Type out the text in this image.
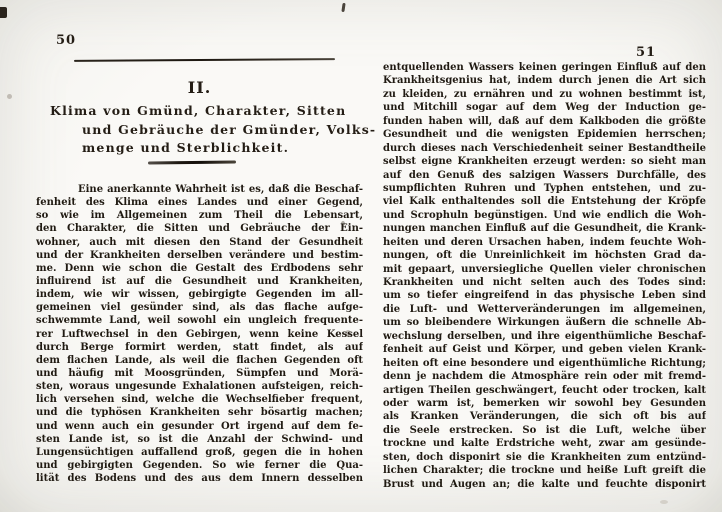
50
II.
Klima von Gmünd, Charakter, Sitten
und Gebräuche der Gmünder, Volks-
menge und Sterblichkeit.
Eine anerkannte Wahrheit ist es, daß die Beschaf-
fenheit des Klima eines Landes und einer Gegend,
so wie im Allgemeinen zum Theil die Lebensart,
den Charakter, die Sitten und Gebräuche der Ein-
wohner, auch mit diesen den Stand der Gesundheit
und der Krankheiten derselben verändere und bestim-
me. Denn wie schon die Gestalt des Erdbodens sehr
influirend ist auf die Gesundheit und Krankheiten,
indem, wie wir wissen, gebirgigte Gegenden im all-
gemeinen viel gesünder sind, als das flache aufge-
schwemmte Land, weil sowohl ein ungleich frequente-
rer Luftwechsel in den Gebirgen, wenn keine Kessel
durch Berge formirt werden, statt findet, als auf
dem flachen Lande, als weil die flachen Gegenden oft
und häufig mit Moosgründen, Sümpfen und Morä-
sten, woraus ungesunde Exhalationen aufsteigen, reich-
lich versehen sind, welche die Wechselfieber frequent,
und die typhösen Krankheiten sehr bösartig machen;
und wenn auch ein gesunder Ort irgend auf dem fe-
sten Lande ist, so ist die Anzahl der Schwind- und
Lungensüchtigen auffallend groß, gegen die in hohen
und gebirgigten Gegenden. So wie ferner die Qua-
lität des Bodens und des aus dem Innern desselben
51
entquellenden Wassers keinen geringen Einfluß auf den
Krankheitsgenius hat, indem durch jenen die Art sich
zu kleiden, zu ernähren und zu wohnen bestimmt ist,
und Mitchill sogar auf dem Weg der Induction ge-
funden haben will, daß auf dem Kalkboden die größte
Gesundheit und die wenigsten Epidemien herrschen;
durch dieses nach Verschiedenheit seiner Bestandtheile
selbst eigne Krankheiten erzeugt werden: so sieht man
auf den Genuß des salzigen Wassers Durchfälle, des
sumpflichten Ruhren und Typhen entstehen, und zu-
viel Kalk enthaltendes soll die Entstehung der Kröpfe
und Scrophuln begünstigen. Und wie endlich die Woh-
nungen manchen Einfluß auf die Gesundheit, die Krank-
heiten und deren Ursachen haben, indem feuchte Woh-
nungen, oft die Unreinlichkeit im höchsten Grad da-
mit gepaart, unversiegliche Quellen vieler chronischen
Krankheiten und nicht selten auch des Todes sind:
um so tiefer eingreifend in das physische Leben sind
die Luft- und Wetterveränderungen im allgemeinen,
um so bleibendere Wirkungen äußern die schnelle Ab-
wechslung derselben, und ihre eigenthümliche Beschaf-
fenheit auf Geist und Körper, und geben vielen Krank-
heiten oft eine besondere und eigenthümliche Richtung;
denn je nachdem die Atmosphäre rein oder mit fremd-
artigen Theilen geschwängert, feucht oder trocken, kalt
oder warm ist, bemerken wir sowohl bey Gesunden
als Kranken Veränderungen, die sich oft bis auf
die Seele erstrecken. So ist die Luft, welche über
trockne und kalte Erdstriche weht, zwar am gesünde-
sten, doch disponirt sie die Krankheiten zum entzünd-
lichen Charakter; die trockne und heiße Luft greift die
Brust und Augen an; die kalte und feuchte disponirt
